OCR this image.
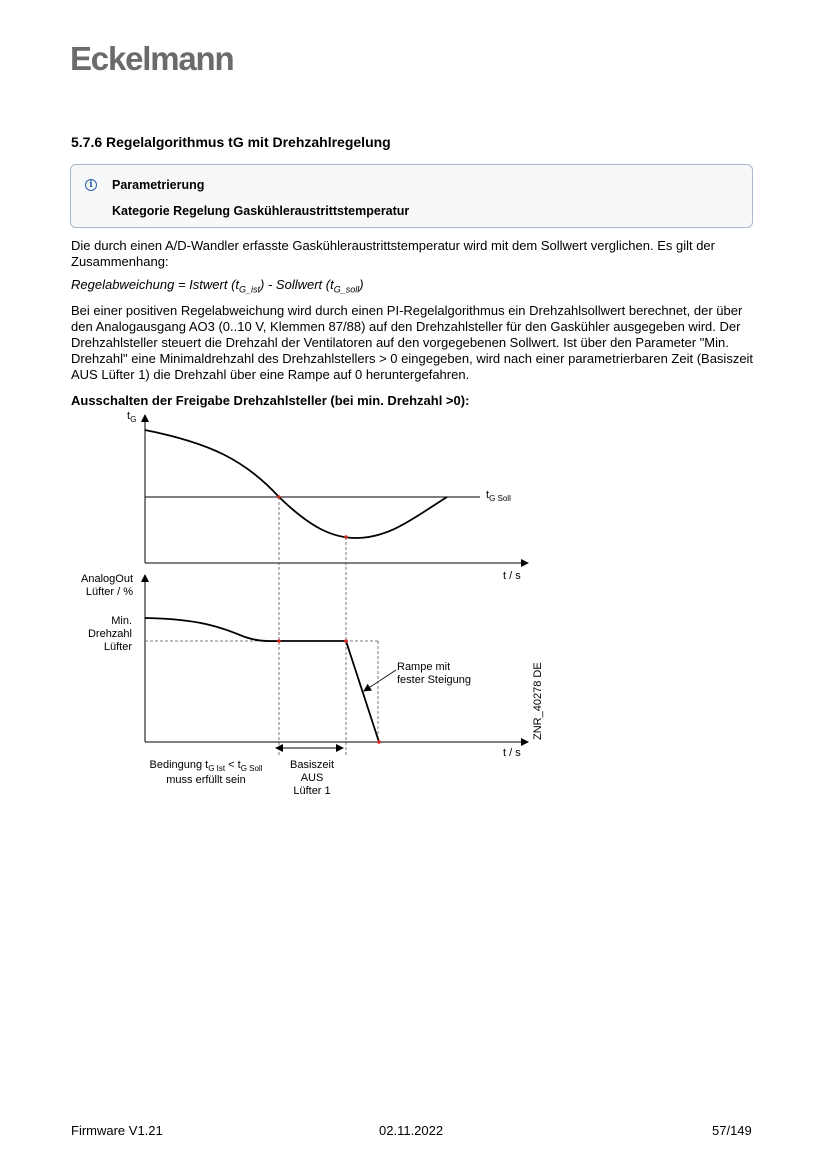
Eckelmann
5.7.6 Regelalgorithmus tG mit Drehzahlregelung
i	Parametrierung
Kategorie Regelung Gaskühleraustrittstemperatur
Die durch einen A/D-Wandler erfasste Gaskühleraustrittstemperatur wird mit dem Sollwert verglichen. Es gilt der Zusammenhang:
Regelabweichung = Istwert $(t_{G\_ist})$ - Sollwert $(t_{G\_soll})$
Bei einer positiven Regelabweichung wird durch einen PI-Regelalgorithmus ein Drehzahlsollwert berechnet, der über den Analogausgang AO3 (0..10 V, Klemmen 87/88) auf den Drehzahlsteller für den Gaskühler ausgegeben wird. Der Drehzahlsteller steuert die Drehzahl der Ventilatoren auf den vorgegebenen Sollwert. Ist über den Parameter "Min. Drehzahl" eine Minimaldrehzahl des Drehzahlstellers > 0 eingegeben, wird nach einer parametrierbaren Zeit (Basiszeit AUS Lüfter 1) die Drehzahl über eine Rampe auf 0 heruntergefahren.
Ausschalten der Freigabe Drehzahlsteller (bei min. Drehzahl >0):
$t_G$
t / s
$t_{G Soll}$
AnalogOut
Lüfter / %
t / s
Min.
Drehzahl
Lüfter
Rampe mit
fester Steigung	ZNR_40278 DE
Bedingung $t_{G Ist} < t_{G Soll}$
muss erfüllt sein
Basiszeit
AUS
Lüfter 1
Firmware V1.21	02.11.2022	57/149
